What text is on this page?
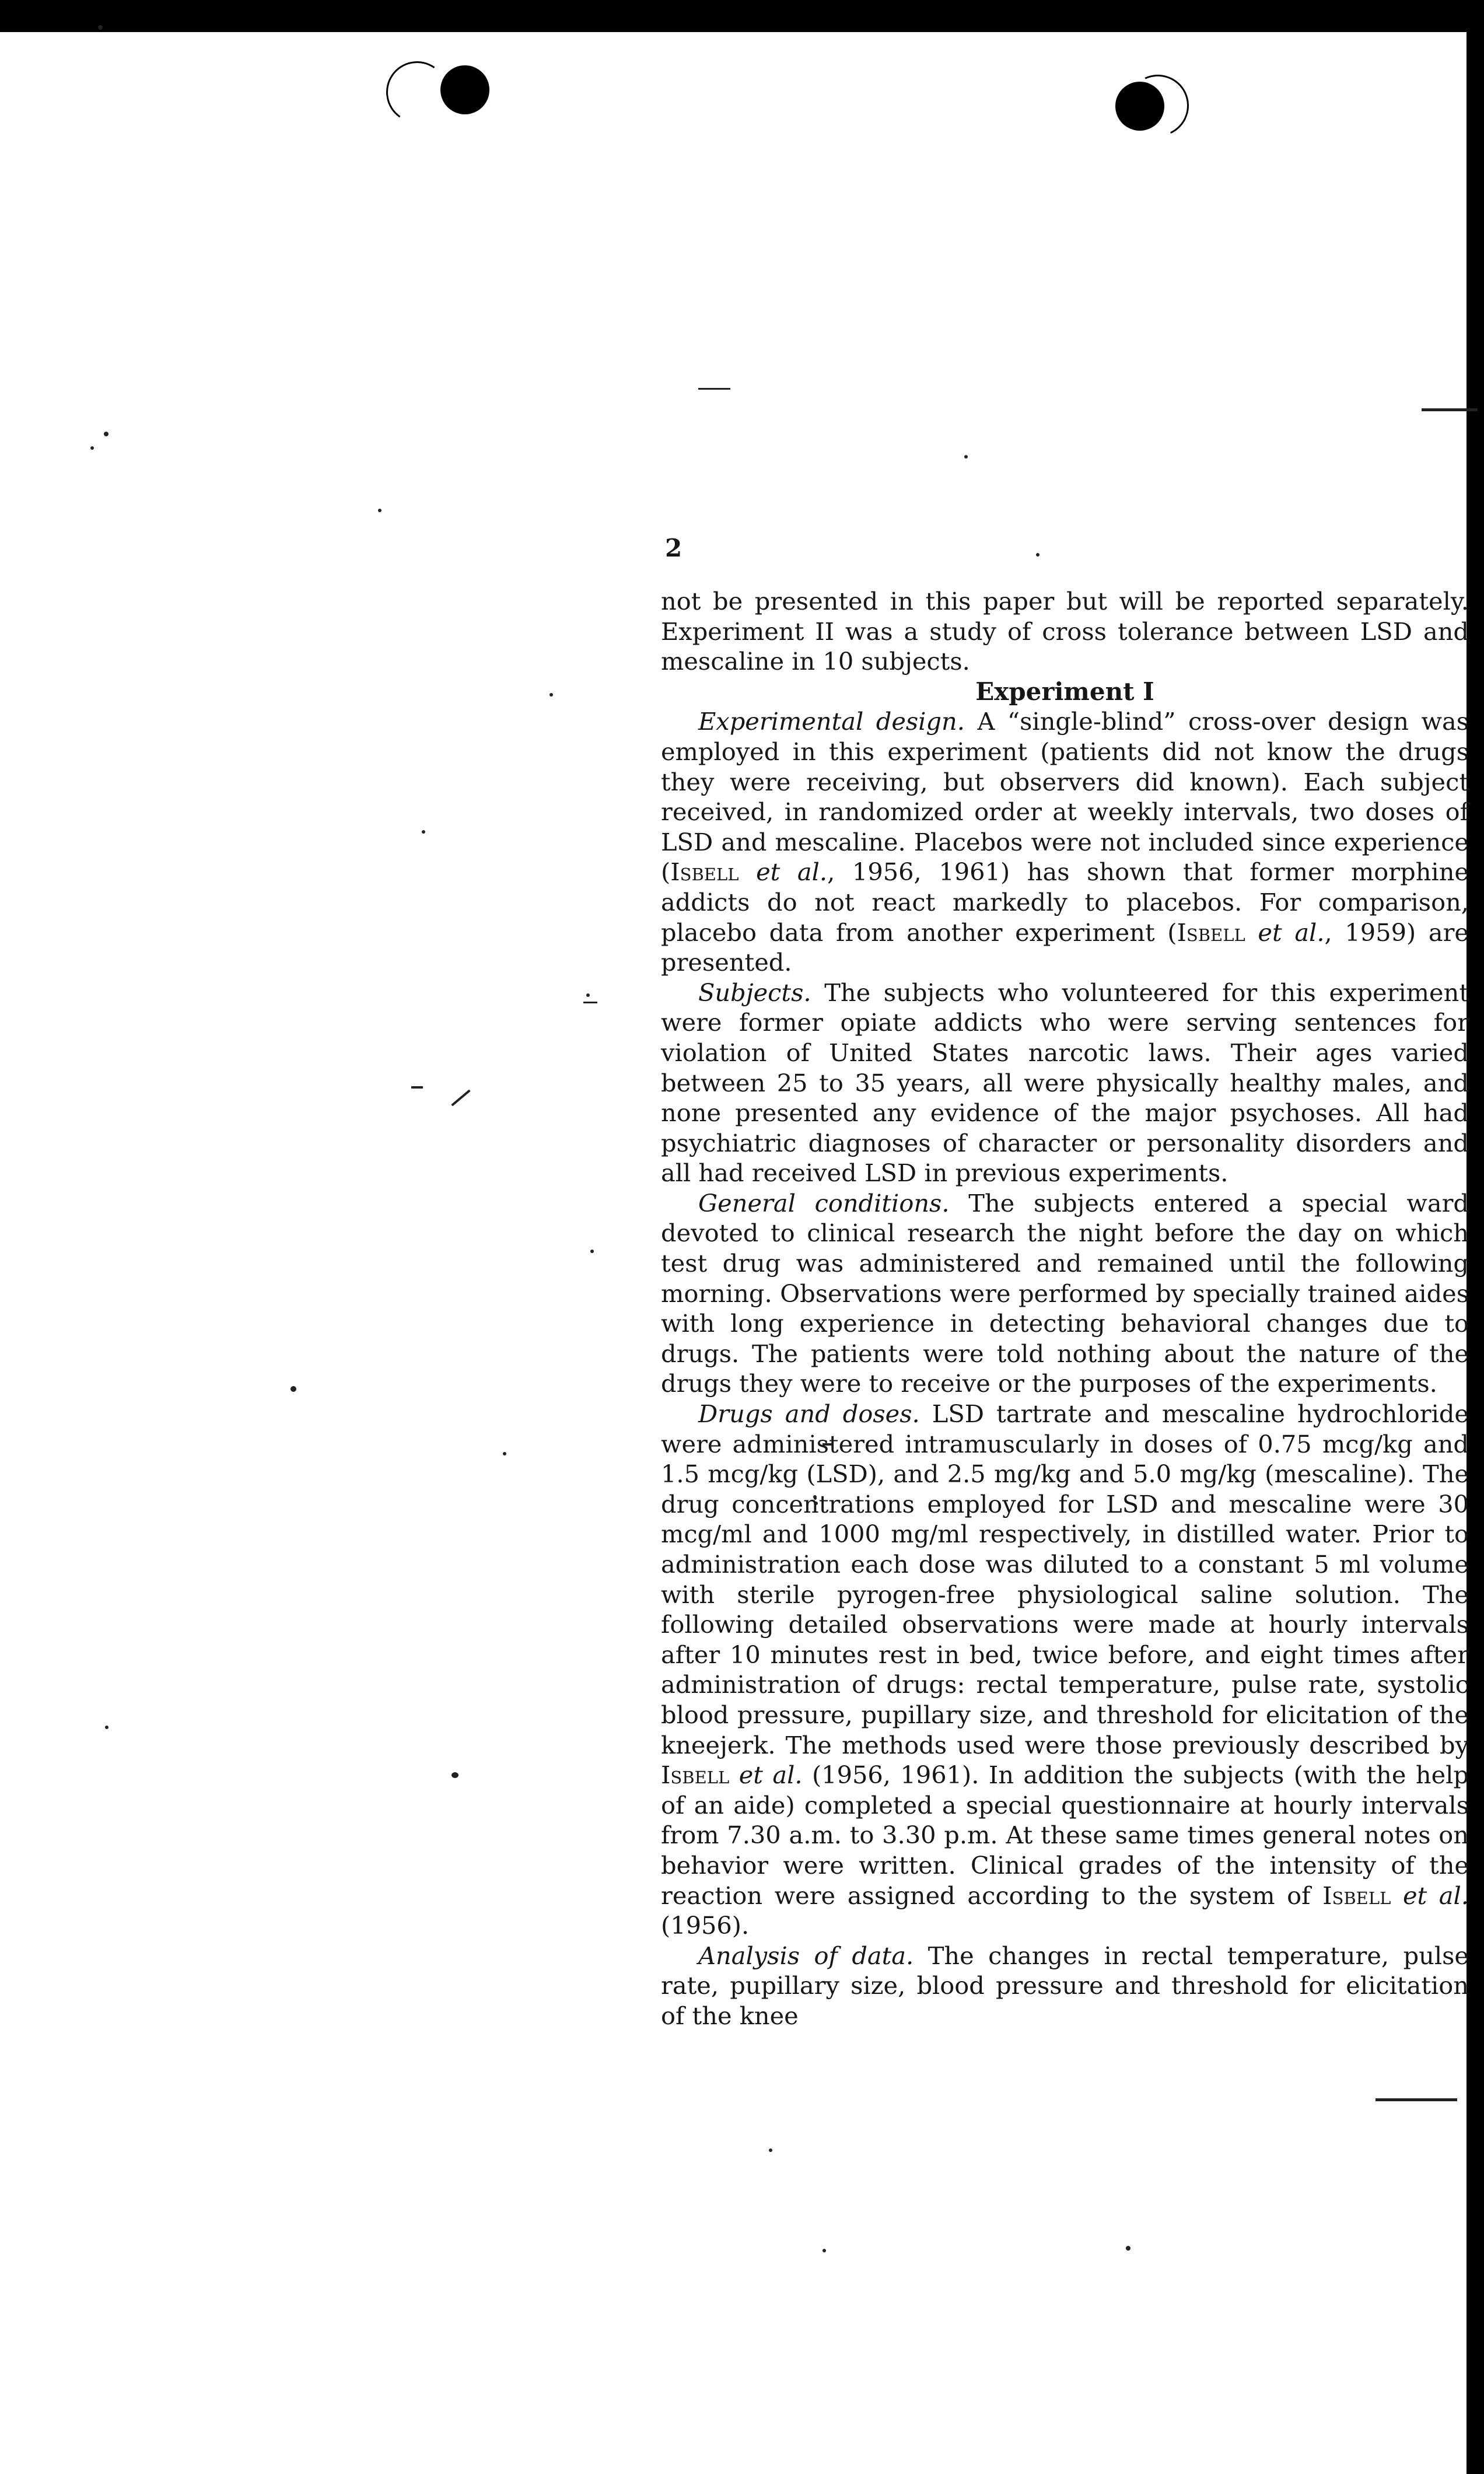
2

not be presented in this paper but will be reported separately. Experiment II was a study of cross tolerance between LSD and mescaline in 10 subjects.

Experiment I

Experimental design. A “single-blind” cross-over design was employed in this experiment (patients did not know the drugs they were receiving, but observers did known). Each subject received, in randomized order at weekly intervals, two doses of LSD and mescaline. Placebos were not included since experience (Isbell et al., 1956, 1961) has shown that former morphine addicts do not react markedly to placebos. For comparison, placebo data from another experiment (Isbell et al., 1959) are presented.

Subjects. The subjects who volunteered for this experiment were former opiate addicts who were serving sentences for violation of United States narcotic laws. Their ages varied between 25 to 35 years, all were physically healthy males, and none presented any evidence of the major psychoses. All had psychiatric diagnoses of character or personality disorders and all had received LSD in previous experiments.

General conditions. The subjects entered a special ward devoted to clinical research the night before the day on which test drug was administered and remained until the following morning. Observations were performed by specially trained aides with long experience in detecting behavioral changes due to drugs. The patients were told nothing about the nature of the drugs they were to receive or the purposes of the experiments.

Drugs and doses. LSD tartrate and mescaline hydrochloride were administered intramuscularly in doses of 0.75 mcg/kg and 1.5 mcg/kg (LSD), and 2.5 mg/kg and 5.0 mg/kg (mescaline). The drug concentrations employed for LSD and mescaline were 30 mcg/ml and 1000 mg/ml respectively, in distilled water. Prior to administration each dose was diluted to a constant 5 ml volume with sterile pyrogen-free physiological saline solution. The following detailed observations were made at hourly intervals after 10 minutes rest in bed, twice before, and eight times after administration of drugs: rectal temperature, pulse rate, systolic blood pressure, pupillary size, and threshold for elicitation of the kneejerk. The methods used were those previously described by Isbell et al. (1956, 1961). In addition the subjects (with the help of an aide) completed a special questionnaire at hourly intervals from 7.30 a.m. to 3.30 p.m. At these same times general notes on behavior were written. Clinical grades of the intensity of the reaction were assigned according to the system of Isbell et al. (1956).

Analysis of data. The changes in rectal temperature, pulse rate, pupillary size, blood pressure and threshold for elicitation of the knee
